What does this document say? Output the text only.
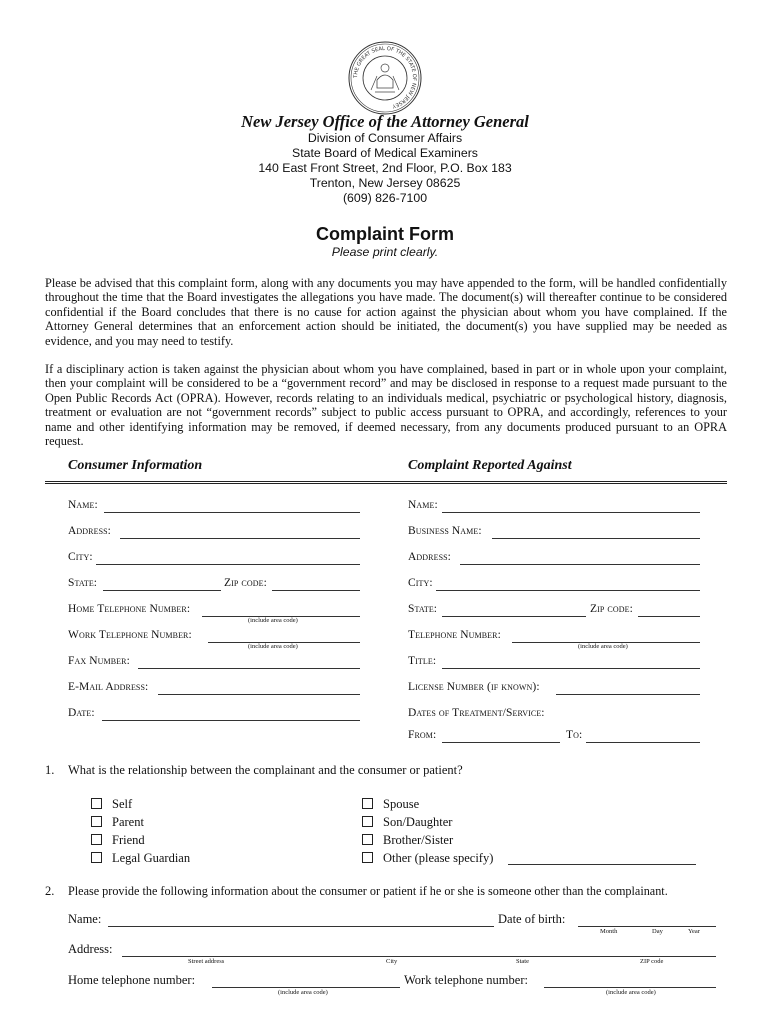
THE GREAT SEAL OF THE STATE OF NEW JERSEY
New Jersey Office of the Attorney General
Division of Consumer Affairs
State Board of Medical Examiners
140 East Front Street, 2nd Floor, P.O. Box 183
Trenton, New Jersey 08625
(609) 826-7100
Complaint Form
Please print clearly.
Please be advised that this complaint form, along with any documents you may have appended to the form, will be handled confidentially throughout the time that the Board investigates the allegations you have made. The document(s) will thereafter continue to be considered confidential if the Board concludes that there is no cause for action against the physician about whom you have complained. If the Attorney General determines that an enforcement action should be initiated, the document(s) you have supplied may be needed as evidence, and you may need to testify.
If a disciplinary action is taken against the physician about whom you have complained, based in part or in whole upon your complaint, then your complaint will be considered to be a “government record” and may be disclosed in response to a request made pursuant to the Open Public Records Act (OPRA). However, records relating to an individuals medical, psychiatric or psychological history, diagnosis, treatment or evaluation are not “government records” subject to public access pursuant to OPRA, and accordingly, references to your name and other identifying information may be removed, if deemed necessary, from any documents produced pursuant to an OPRA request.
Consumer Information	Complaint Reported Against
Name:
Address:
City:
State:	Zip code:
Home Telephone Number:
(include area code)
Work Telephone Number:
(include area code)
Fax Number:
E-Mail Address:
Date:
Name:
Business Name:
Address:
City:
State:	Zip code:
Telephone Number:
(include area code)
Title:
License Number (if known):
Dates of Treatment/Service:
From:	To:
1. What is the relationship between the complainant and the consumer or patient?
Self
Parent
Friend
Legal Guardian
Spouse
Son/Daughter
Brother/Sister
Other (please specify)
2. Please provide the following information about the consumer or patient if he or she is someone other than the complainant.
Name:	Date of birth:
Month	Day	Year
Address:
Street address	City	State	ZIP code
Home telephone number:
(include area code)
Work telephone number:
(include area code)
